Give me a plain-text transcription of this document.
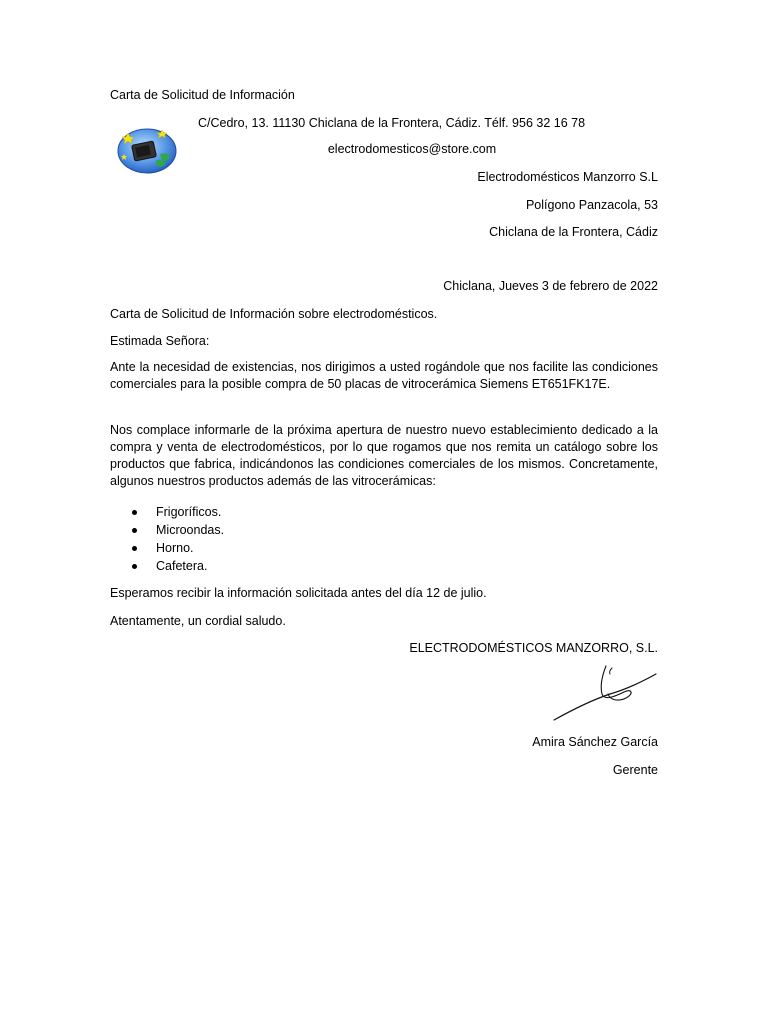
Carta de Solicitud de Información
C/Cedro, 13. 11130 Chiclana de la Frontera, Cádiz. Télf. 956 32 16 78
electrodomesticos@store.com
Electrodomésticos Manzorro S.L
Polígono Panzacola, 53
Chiclana de la Frontera, Cádiz
Chiclana, Jueves 3 de febrero de 2022
Carta de Solicitud de Información sobre electrodomésticos.
Estimada Señora:
Ante la necesidad de existencias, nos dirigimos a usted rogándole que nos facilite las condiciones comerciales para la posible compra de 50 placas de vitrocerámica Siemens ET651FK17E.
Nos complace informarle de la próxima apertura de nuestro nuevo establecimiento dedicado a la compra y venta de electrodomésticos, por lo que rogamos que nos remita un catálogo sobre los productos que fabrica, indicándonos las condiciones comerciales de los mismos. Concretamente, algunos nuestros productos además de las vitrocerámicas:
Frigoríficos.
Microondas.
Horno.
Cafetera.
Esperamos recibir la información solicitada antes del día 12 de julio.
Atentamente, un cordial saludo.
ELECTRODOMÉSTICOS MANZORRO, S.L.
Amira Sánchez García
Gerente
